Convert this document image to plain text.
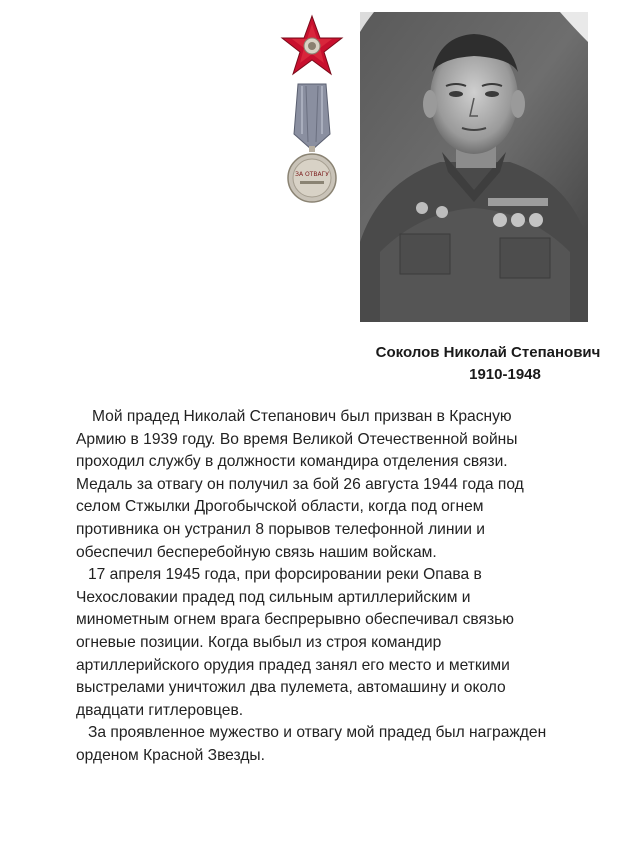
ЗА ОТВАГУ
Соколов Николай Степанович
1910-1948

Мой прадед Николай Степанович был призван в Красную

Армию в 1939 году. Во время Великой Отечественной войны

проходил службу в должности командира отделения связи.

Медаль за отвагу он получил за бой 26 августа 1944 года под

селом Стжылки Дрогобычской области, когда под огнем

противника он устранил 8 порывов телефонной линии и

обеспечил бесперебойную связь нашим войскам.

17 апреля 1945 года, при форсировании реки Опава в

Чехословакии прадед под сильным артиллерийским и

минометным огнем врага беспрерывно обеспечивал связью

огневые позиции. Когда выбыл из строя командир

артиллерийского орудия прадед занял его место и меткими

выстрелами уничтожил два пулемета, автомашину и около

двадцати гитлеровцев.

За проявленное мужество и отвагу мой прадед был награжден

орденом Красной Звезды.
